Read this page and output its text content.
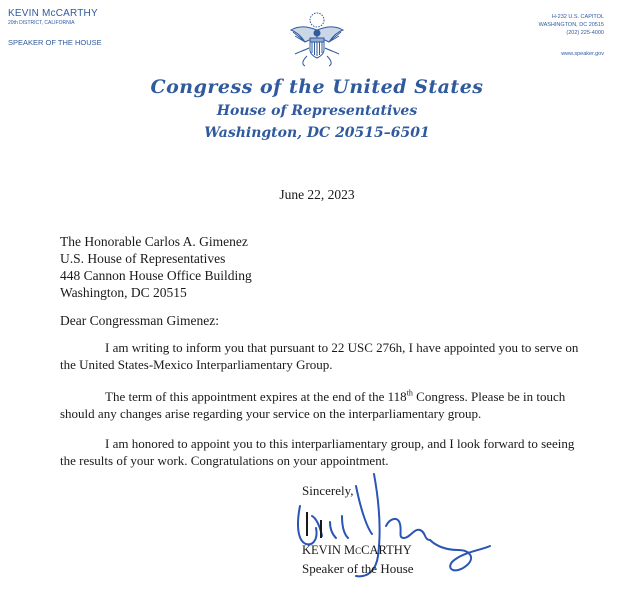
KEVIN McCARTHY
20th DISTRICT, CALIFORNIA
SPEAKER OF THE HOUSE
H-232 U.S. CAPITOL
WASHINGTON, DC 20515
(202) 225-4000
www.speaker.gov
Congress of the United States
House of Representatives
Washington, DC 20515–6501
June 22, 2023
The Honorable Carlos A. Gimenez
U.S. House of Representatives
448 Cannon House Office Building
Washington, DC 20515
Dear Congressman Gimenez:
I am writing to inform you that pursuant to 22 USC 276h, I have appointed you to serve on the United States-Mexico Interparliamentary Group.
The term of this appointment expires at the end of the 118th Congress. Please be in touch should any changes arise regarding your service on the interparliamentary group.
I am honored to appoint you to this interparliamentary group, and I look forward to seeing the results of your work. Congratulations on your appointment.
Sincerely,
KEVIN McCARTHY
Speaker of the House
